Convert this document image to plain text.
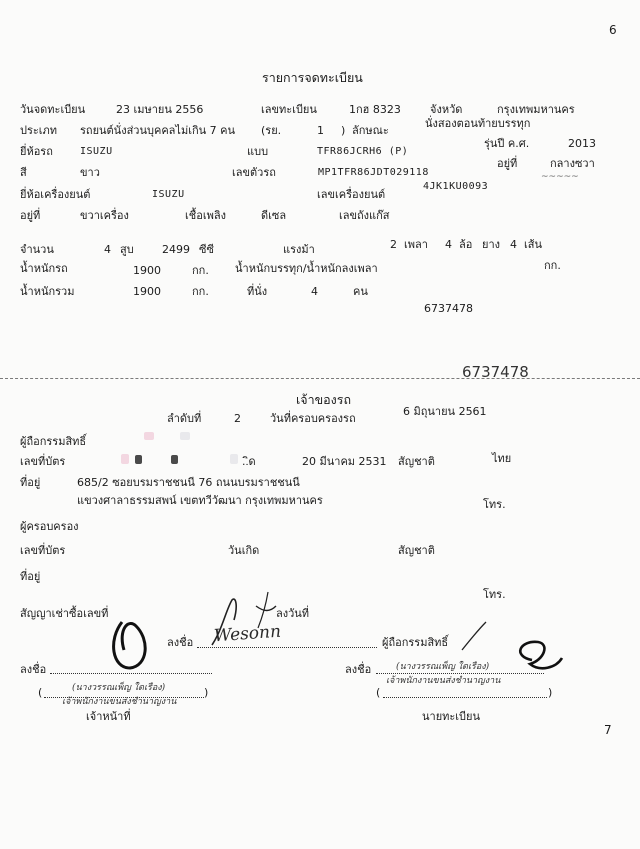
6
7
รายการจดทะเบียน
วันจดทะเบียน	23 เมษายน 2556	เลขทะเบียน	1กฮ 8323	จังหวัด	กรุงเทพมหานคร
ประเภท รถยนต์นั่งส่วนบุคคลไม่เกิน 7 คน (รย.	1 ) ลักษณะ
นั่งสองตอนท้ายบรรทุก
ยี่ห้อรถ	ISUZU	แบบ	TFR86JCRH6 (P)
รุ่นปี ค.ศ.	2013
สี	ขาว	เลขตัวรถ	MP1TFR86JDT029118
อยู่ที่	กลางซวา
~~~~~
ยี่ห้อเครื่องยนต์	ISUZU	เลขเครื่องยนต์
4JK1KU0093
อยู่ที่	ขวาเครื่อง	เชื้อเพลิง	ดีเซล	เลขถังแก๊ส
จำนวน	4 สูบ	2499 ซีซี	แรงม้า	2 เพลา 4 ล้อ ยาง 4 เส้น
น้ำหนักรถ	1900	กก. น้ำหนักบรรทุก/น้ำหนักลงเพลา	กก.
น้ำหนักรวม	1900	กก.	ที่นั่ง	4	คน
6737478
6737478
เจ้าของรถ
ลำดับที่	2	วันที่ครอบครองรถ
6 มิถุนายน 2561
ผู้ถือกรรมสิทธิ์
เลขที่บัตร	..ิด	20 มีนาคม 2531 สัญชาติ	ไทย
ที่อยู่	685/2 ซอยบรมราชชนนี 76 ถนนบรมราชชนนี
แขวงศาลาธรรมสพน์ เขตทวีวัฒนา กรุงเทพมหานคร	โทร.
ผู้ครอบครอง
เลขที่บัตร	วันเกิด	สัญชาติ
ที่อยู่
โทร.
สัญญาเช่าซื้อเลขที่	ลงวันที่
ลงชื่อ	ผู้ถือกรรมสิทธิ์
ลงชื่อ	ลงชื่อ
(	)
(นางวรรณเพ็ญ ใดเรือง)
เจ้าพนักงานขนส่งชำนาญงาน
เจ้าหน้าที่
(	)
(นางวรรณเพ็ญ ใดเรือง)
เจ้าพนักงานขนส่งชำนาญงาน
นายทะเบียน
Wesonn
